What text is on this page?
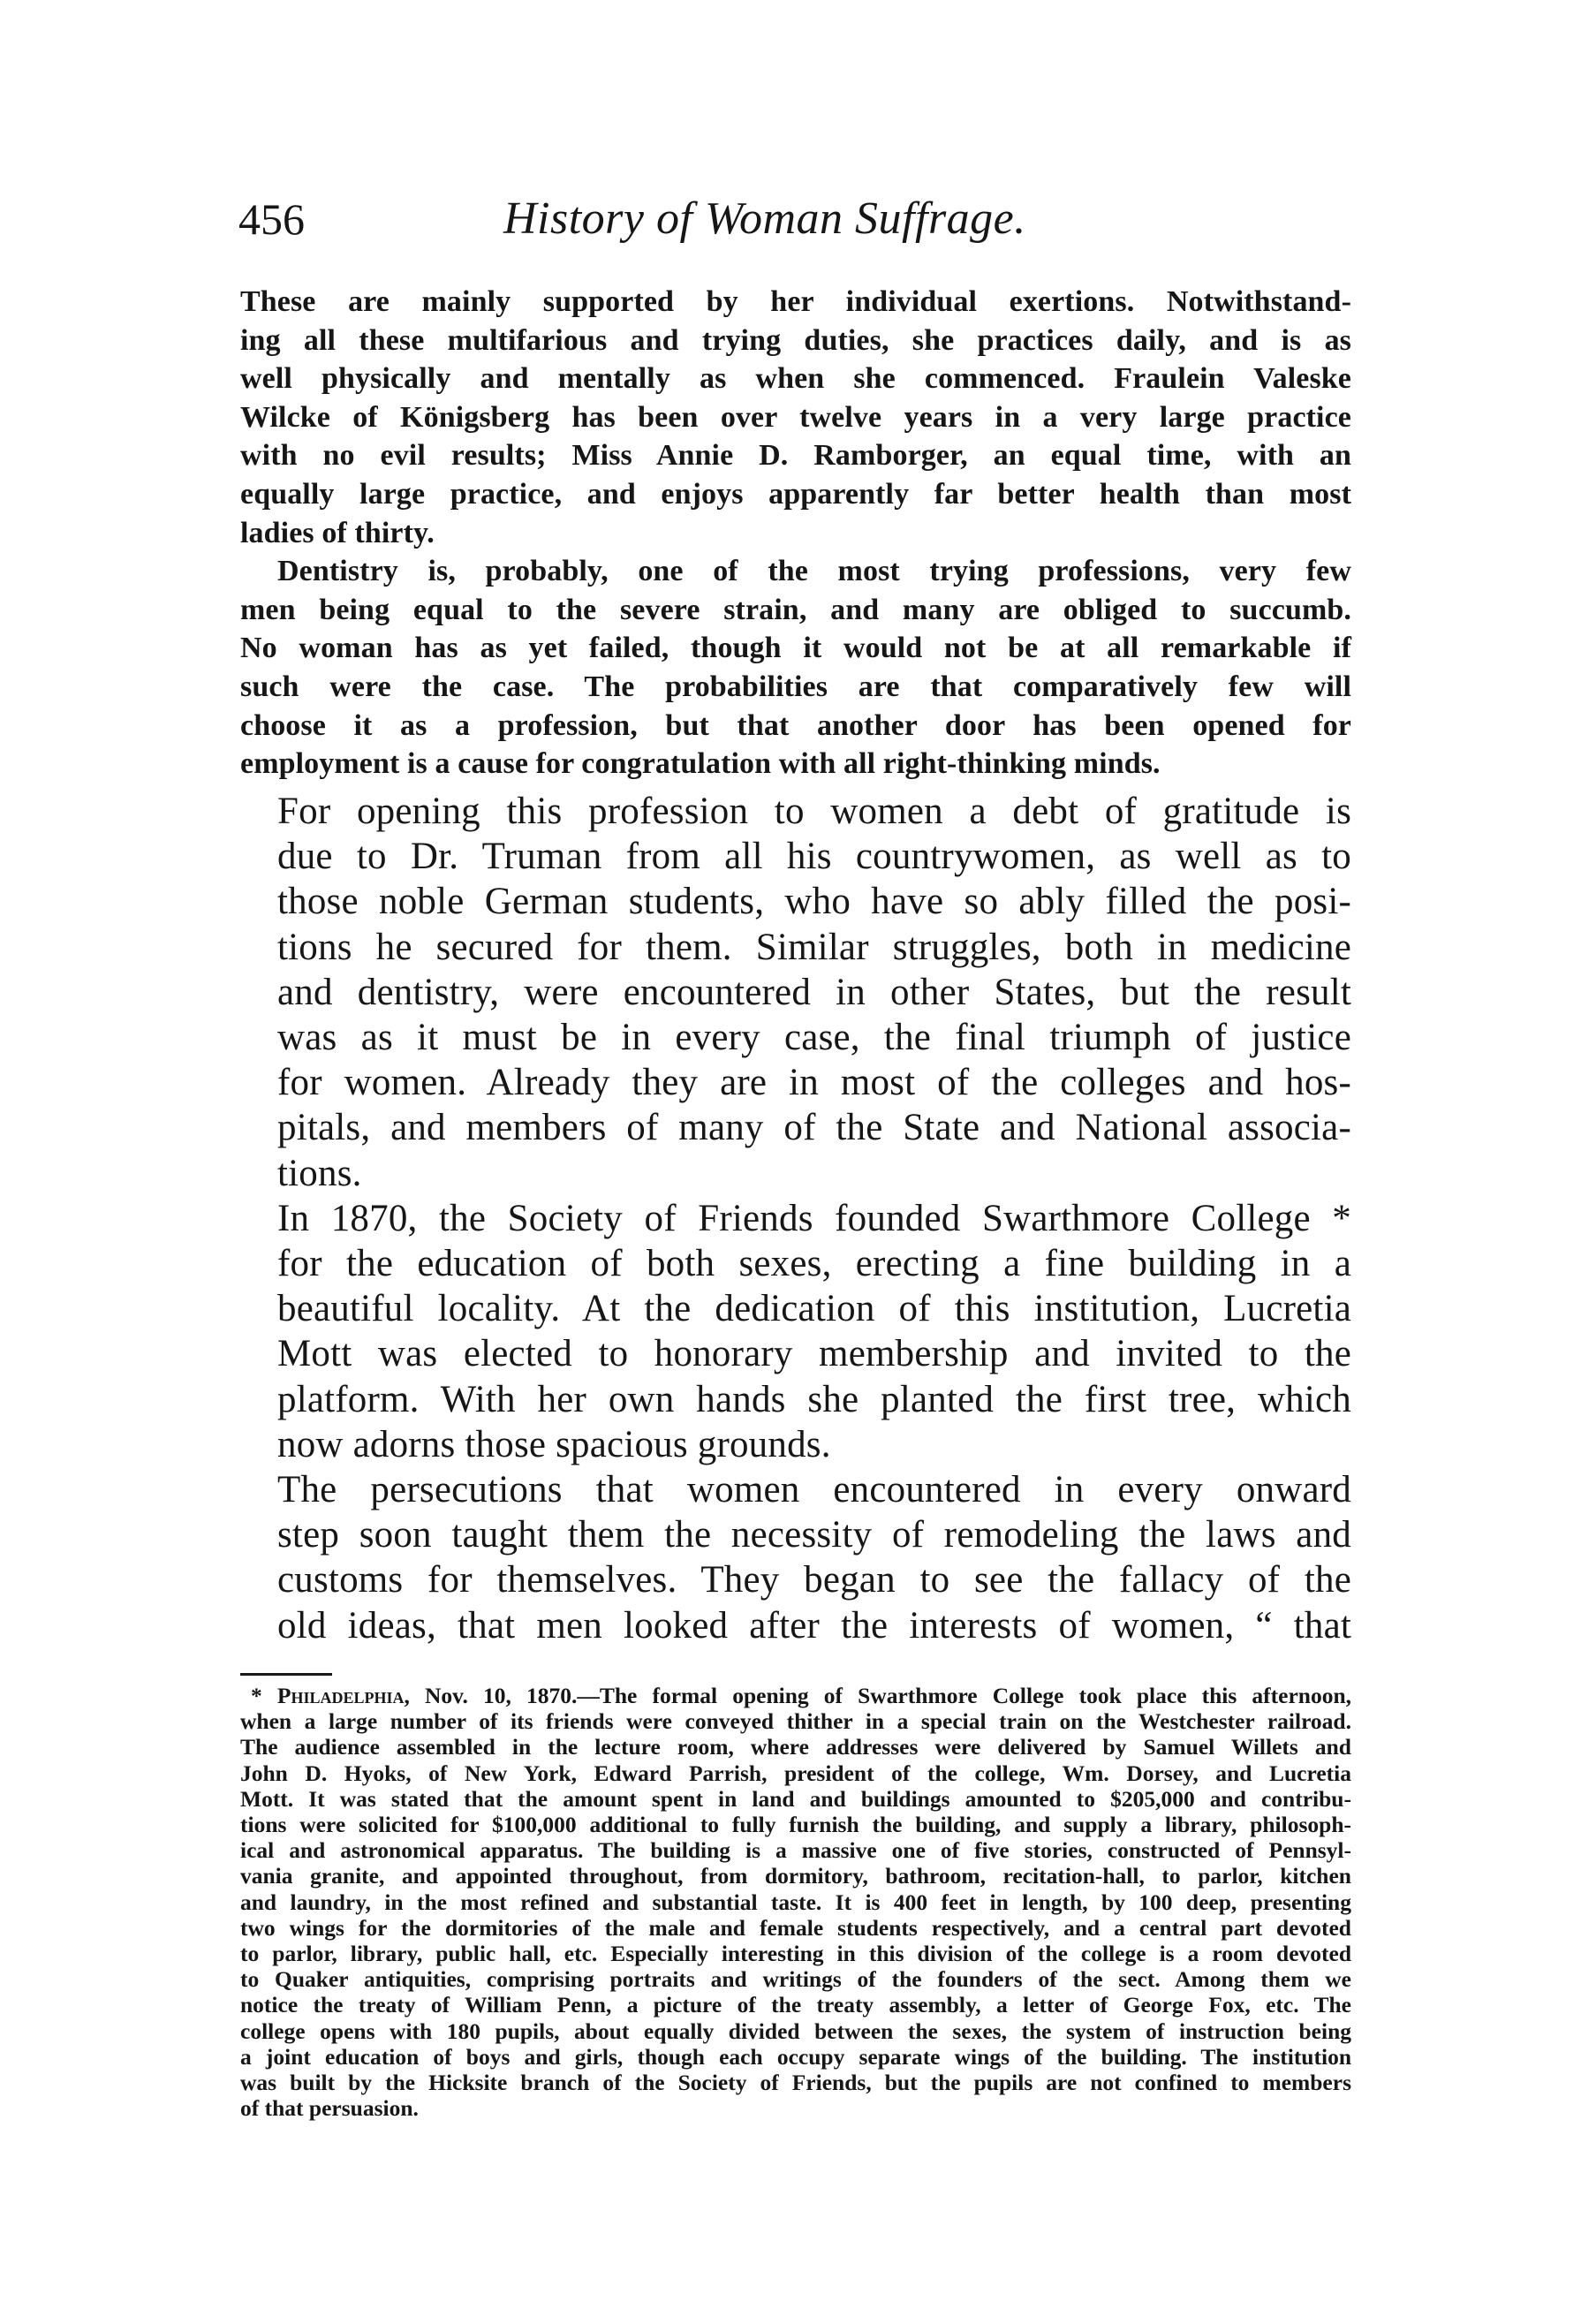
456	History of Woman Suffrage.

These are mainly supported by her individual exertions. Notwithstand-
ing all these multifarious and trying duties, she practices daily, and is as
well physically and mentally as when she commenced. Fraulein Valeske
Wilcke of Königsberg has been over twelve years in a very large practice
with no evil results; Miss Annie D. Ramborger, an equal time, with an
equally large practice, and enjoys apparently far better health than most
ladies of thirty.

Dentistry is, probably, one of the most trying professions, very few
men being equal to the severe strain, and many are obliged to succumb.
No woman has as yet failed, though it would not be at all remarkable if
such were the case. The probabilities are that comparatively few will
choose it as a profession, but that another door has been opened for
employment is a cause for congratulation with all right-thinking minds.

For opening this profession to women a debt of gratitude is
due to Dr. Truman from all his countrywomen, as well as to
those noble German students, who have so ably filled the posi-
tions he secured for them. Similar struggles, both in medicine
and dentistry, were encountered in other States, but the result
was as it must be in every case, the final triumph of justice
for women. Already they are in most of the colleges and hos-
pitals, and members of many of the State and National associa-
tions.

In 1870, the Society of Friends founded Swarthmore College *
for the education of both sexes, erecting a fine building in a
beautiful locality. At the dedication of this institution, Lucretia
Mott was elected to honorary membership and invited to the
platform. With her own hands she planted the first tree, which
now adorns those spacious grounds.

The persecutions that women encountered in every onward
step soon taught them the necessity of remodeling the laws and
customs for themselves. They began to see the fallacy of the
old ideas, that men looked after the interests of women, “ that

* Philadelphia, Nov. 10, 1870.—The formal opening of Swarthmore College took place this afternoon,
when a large number of its friends were conveyed thither in a special train on the Westchester railroad.
The audience assembled in the lecture room, where addresses were delivered by Samuel Willets and
John D. Hyoks, of New York, Edward Parrish, president of the college, Wm. Dorsey, and Lucretia
Mott. It was stated that the amount spent in land and buildings amounted to $205,000 and contribu-
tions were solicited for $100,000 additional to fully furnish the building, and supply a library, philosoph-
ical and astronomical apparatus. The building is a massive one of five stories, constructed of Pennsyl-
vania granite, and appointed throughout, from dormitory, bathroom, recitation-hall, to parlor, kitchen
and laundry, in the most refined and substantial taste. It is 400 feet in length, by 100 deep, presenting
two wings for the dormitories of the male and female students respectively, and a central part devoted
to parlor, library, public hall, etc. Especially interesting in this division of the college is a room devoted
to Quaker antiquities, comprising portraits and writings of the founders of the sect. Among them we
notice the treaty of William Penn, a picture of the treaty assembly, a letter of George Fox, etc. The
college opens with 180 pupils, about equally divided between the sexes, the system of instruction being
a joint education of boys and girls, though each occupy separate wings of the building. The institution
was built by the Hicksite branch of the Society of Friends, but the pupils are not confined to members
of that persuasion.
